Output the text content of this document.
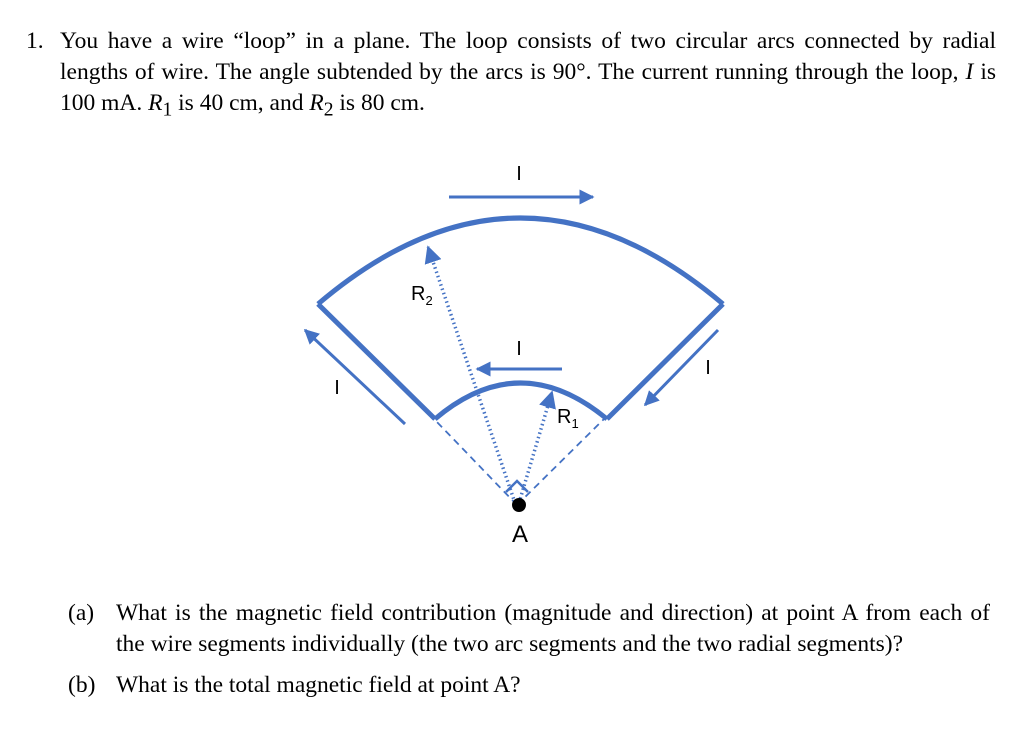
1. You have a wire “loop” in a plane. The loop consists of two circular arcs connected by radial lengths of wire. The angle subtended by the arcs is 90°. The current running through the loop, I is 100 mA. $R_1$ is 40 cm, and $R_2$ is 80 cm.
I
I
I
I
$R_2$
$R_1$
A
(a) What is the magnetic field contribution (magnitude and direction) at point A from each of the wire segments individually (the two arc segments and the two radial segments)?
(b) What is the total magnetic field at point A?
